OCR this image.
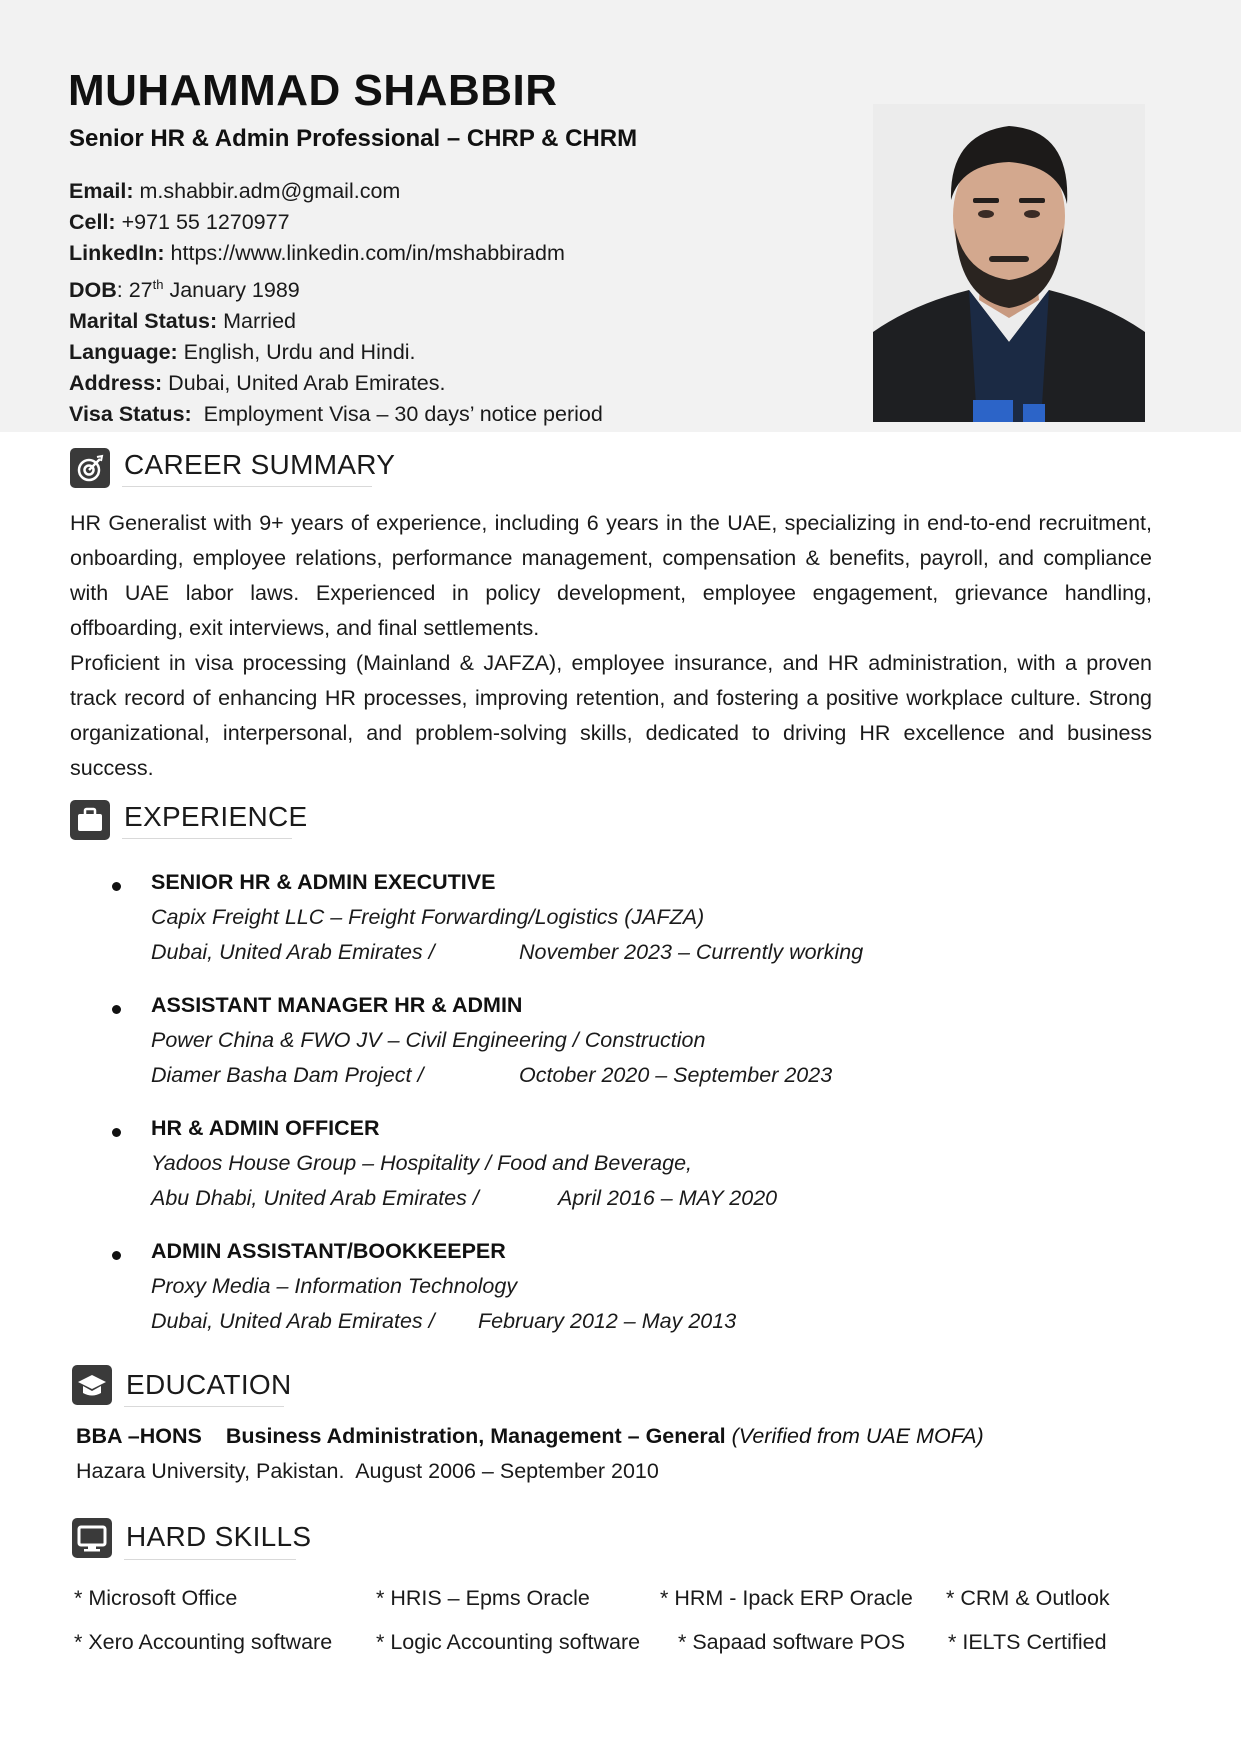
MUHAMMAD SHABBIR
Senior HR & Admin Professional – CHRP & CHRM
Email: m.shabbir.adm@gmail.com
Cell: +971 55 1270977
LinkedIn: https://www.linkedin.com/in/mshabbiradm
DOB: 27th January 1989
Marital Status: Married
Language: English, Urdu and Hindi.
Address: Dubai, United Arab Emirates.
Visa Status:  Employment Visa – 30 days’ notice period
CAREER SUMMARY

HR Generalist with 9+ years of experience, including 6 years in the UAE, specializing in end-to-end recruitment, onboarding, employee relations, performance management, compensation & benefits, payroll, and compliance with UAE labor laws. Experienced in policy development, employee engagement, grievance handling, offboarding, exit interviews, and final settlements.

Proficient in visa processing (Mainland & JAFZA), employee insurance, and HR administration, with a proven track record of enhancing HR processes, improving retention, and fostering a positive workplace culture. Strong organizational, interpersonal, and problem-solving skills, dedicated to driving HR excellence and business success.

EXPERIENCE
SENIOR HR & ADMIN EXECUTIVE
Capix Freight LLC – Freight Forwarding/Logistics (JAFZA)
Dubai, United Arab Emirates /	November 2023 – Currently working
ASSISTANT MANAGER HR & ADMIN
Power China & FWO JV – Civil Engineering / Construction
Diamer Basha Dam Project /	October 2020 – September 2023
HR & ADMIN OFFICER
Yadoos House Group – Hospitality / Food and Beverage,
Abu Dhabi, United Arab Emirates /	April 2016 – MAY 2020
ADMIN ASSISTANT/BOOKKEEPER
Proxy Media – Information Technology
Dubai, United Arab Emirates / February 2012 – May 2013
EDUCATION
BBA –HONS Business Administration, Management – General (Verified from UAE MOFA)
Hazara University, Pakistan.  August 2006 – September 2010
HARD SKILLS
* Microsoft Office	* HRIS – Epms Oracle	* HRM - Ipack ERP Oracle * CRM & Outlook
* Xero Accounting software * Logic Accounting software * Sapaad software POS * IELTS Certified
